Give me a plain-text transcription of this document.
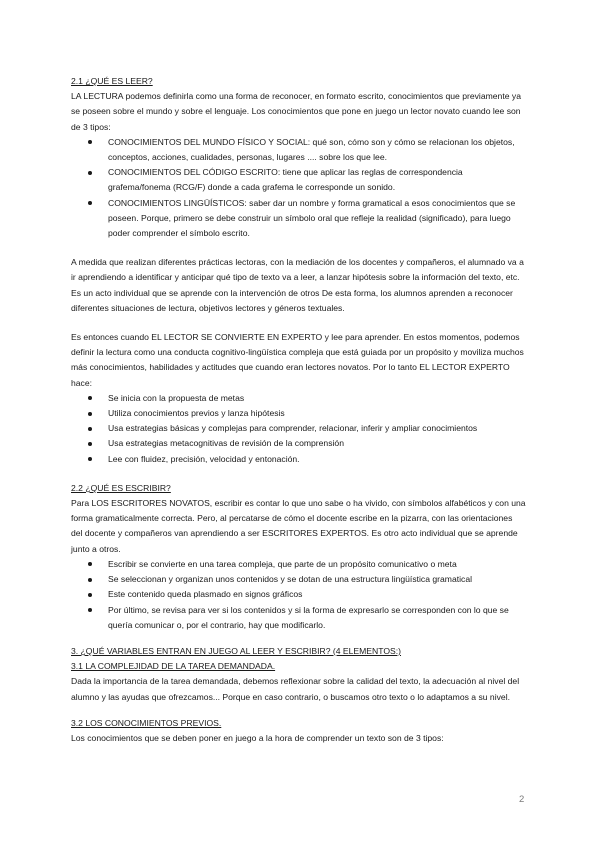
2.1 ¿QUÉ ES LEER?

LA LECTURA podemos definirla como una forma de reconocer, en formato escrito, conocimientos que previamente ya se poseen sobre el mundo y sobre el lenguaje. Los conocimientos que pone en juego un lector novato cuando lee son de 3 tipos:

CONOCIMIENTOS DEL MUNDO FÍSICO Y SOCIAL: qué son, cómo son y cómo se relacionan los objetos, conceptos, acciones, cualidades, personas, lugares .... sobre los que lee.
CONOCIMIENTOS DEL CÓDIGO ESCRITO: tiene que aplicar las reglas de correspondencia grafema/fonema (RCG/F) donde a cada grafema le corresponde un sonido.
CONOCIMIENTOS LINGÜÍSTICOS: saber dar un nombre y forma gramatical a esos conocimientos que se poseen. Porque, primero se debe construir un símbolo oral que refleje la realidad (significado), para luego poder comprender el símbolo escrito.

A medida que realizan diferentes prácticas lectoras, con la mediación de los docentes y compañeros, el alumnado va a ir aprendiendo a identificar y anticipar qué tipo de texto va a leer, a lanzar hipótesis sobre la información del texto, etc. Es un acto individual que se aprende con la intervención de otros De esta forma, los alumnos aprenden a reconocer diferentes situaciones de lectura, objetivos lectores y géneros textuales.

Es entonces cuando EL LECTOR SE CONVIERTE EN EXPERTO y lee para aprender. En estos momentos, podemos definir la lectura como una conducta cognitivo-lingüística compleja que está guiada por un propósito y moviliza muchos más conocimientos, habilidades y actitudes que cuando eran lectores novatos. Por lo tanto EL LECTOR EXPERTO hace:

Se inicia con la propuesta de metas
Utiliza conocimientos previos y lanza hipótesis
Usa estrategias básicas y complejas para comprender, relacionar, inferir y ampliar conocimientos
Usa estrategias metacognitivas de revisión de la comprensión
Lee con fluidez, precisión, velocidad y entonación.

2.2 ¿QUÉ ES ESCRIBIR?

Para LOS ESCRITORES NOVATOS, escribir es contar lo que uno sabe o ha vivido, con símbolos alfabéticos y con una forma gramaticalmente correcta. Pero, al percatarse de cómo el docente escribe en la pizarra, con las orientaciones del docente y compañeros van aprendiendo a ser ESCRITORES EXPERTOS. Es otro acto individual que se aprende junto a otros.

Escribir se convierte en una tarea compleja, que parte de un propósito comunicativo o meta
Se seleccionan y organizan unos contenidos y se dotan de una estructura lingüística gramatical
Este contenido queda plasmado en signos gráficos
Por último, se revisa para ver si los contenidos y si la forma de expresarlo se corresponden con lo que se quería comunicar o, por el contrario, hay que modificarlo.

3. ¿QUÉ VARIABLES ENTRAN EN JUEGO AL LEER Y ESCRIBIR? (4 ELEMENTOS:)

3.1 LA COMPLEJIDAD DE LA TAREA DEMANDADA.

Dada la importancia de la tarea demandada, debemos reflexionar sobre la calidad del texto, la adecuación al nivel del alumno y las ayudas que ofrezcamos... Porque en caso contrario, o buscamos otro texto o lo adaptamos a su nivel.

3.2 LOS CONOCIMIENTOS PREVIOS.

Los conocimientos que se deben poner en juego a la hora de comprender un texto son de 3 tipos:

2
